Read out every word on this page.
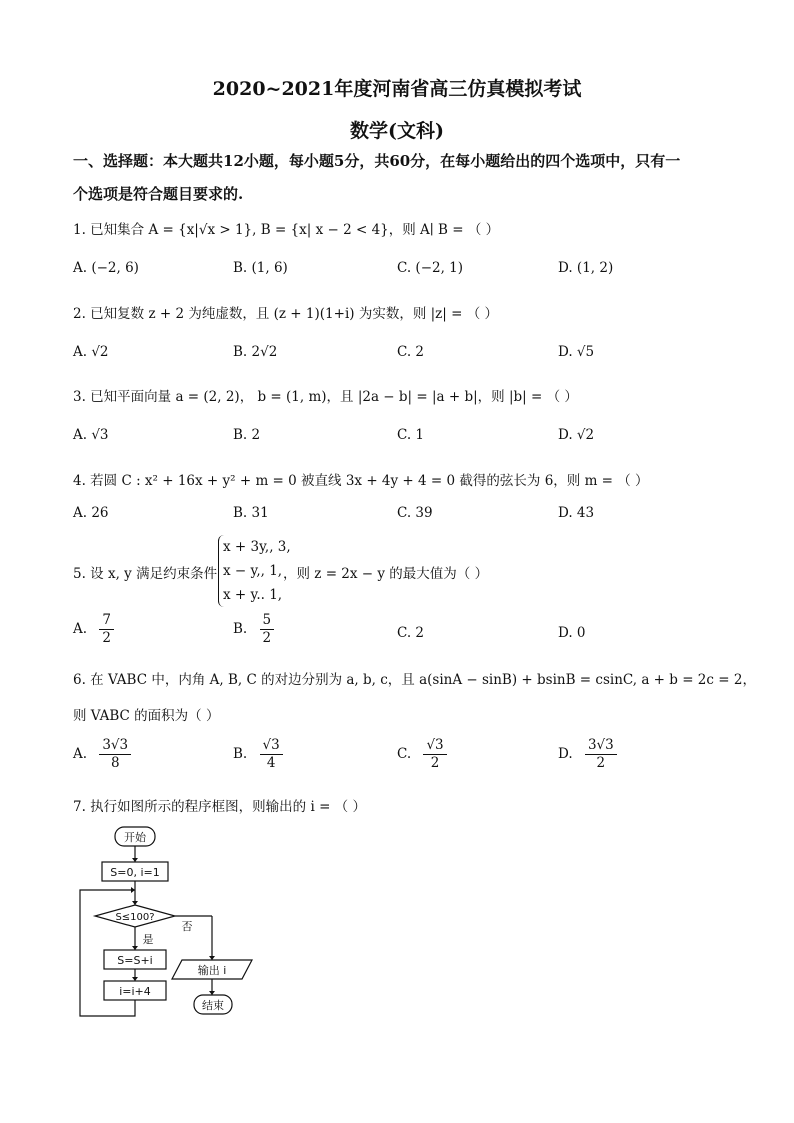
2020~2021年度河南省高三仿真模拟考试
数学(文科)
一、选择题：本大题共12小题，每小题5分，共60分，在每小题给出的四个选项中，只有一
个选项是符合题目要求的.
1. 已知集合 A = {x|√x > 1}, B = {x| x − 2 < 4}，则 A∣ B = （ ）
A. (−2, 6)	B. (1, 6)	C. (−2, 1)	D. (1, 2)
2. 已知复数 z + 2 为纯虚数，且 (z + 1)(1+i) 为实数，则 |z| = （ ）
A. √2	B. 2√2	C. 2	D. √5
3. 已知平面向量 a = (2, 2)， b = (1, m)，且 |2a − b| = |a + b|，则 |b| = （ ）
A. √3	B. 2	C. 1	D. √2
4. 若圆 C : x² + 16x + y² + m = 0 被直线 3x + 4y + 4 = 0 截得的弦长为 6，则 m = （ ）
A. 26	B. 31	C. 39	D. 43
5. 设 x, y 满足约束条件
x + 3y,, 3,
x − y,, 1,
x + y.. 1,
，则 z = 2x − y 的最大值为（ ）
A. $\frac{7}{2}$	B. $\frac{5}{2}$	C. 2	D. 0
6. 在 VABC 中，内角 A, B, C 的对边分别为 a, b, c，且 a(sinA − sinB) + bsinB = csinC, a + b = 2c = 2，
则 VABC 的面积为（ ）
A. $\frac{3√3}{8}$	B. $\frac{√3}{4}$	C. $\frac{√3}{2}$	D. $\frac{3√3}{2}$
7. 执行如图所示的程序框图，则输出的 i = （ ）
开始
S=0, i=1
S≤100?
是
否
S=S+i
i=i+4
输出 i
结束
